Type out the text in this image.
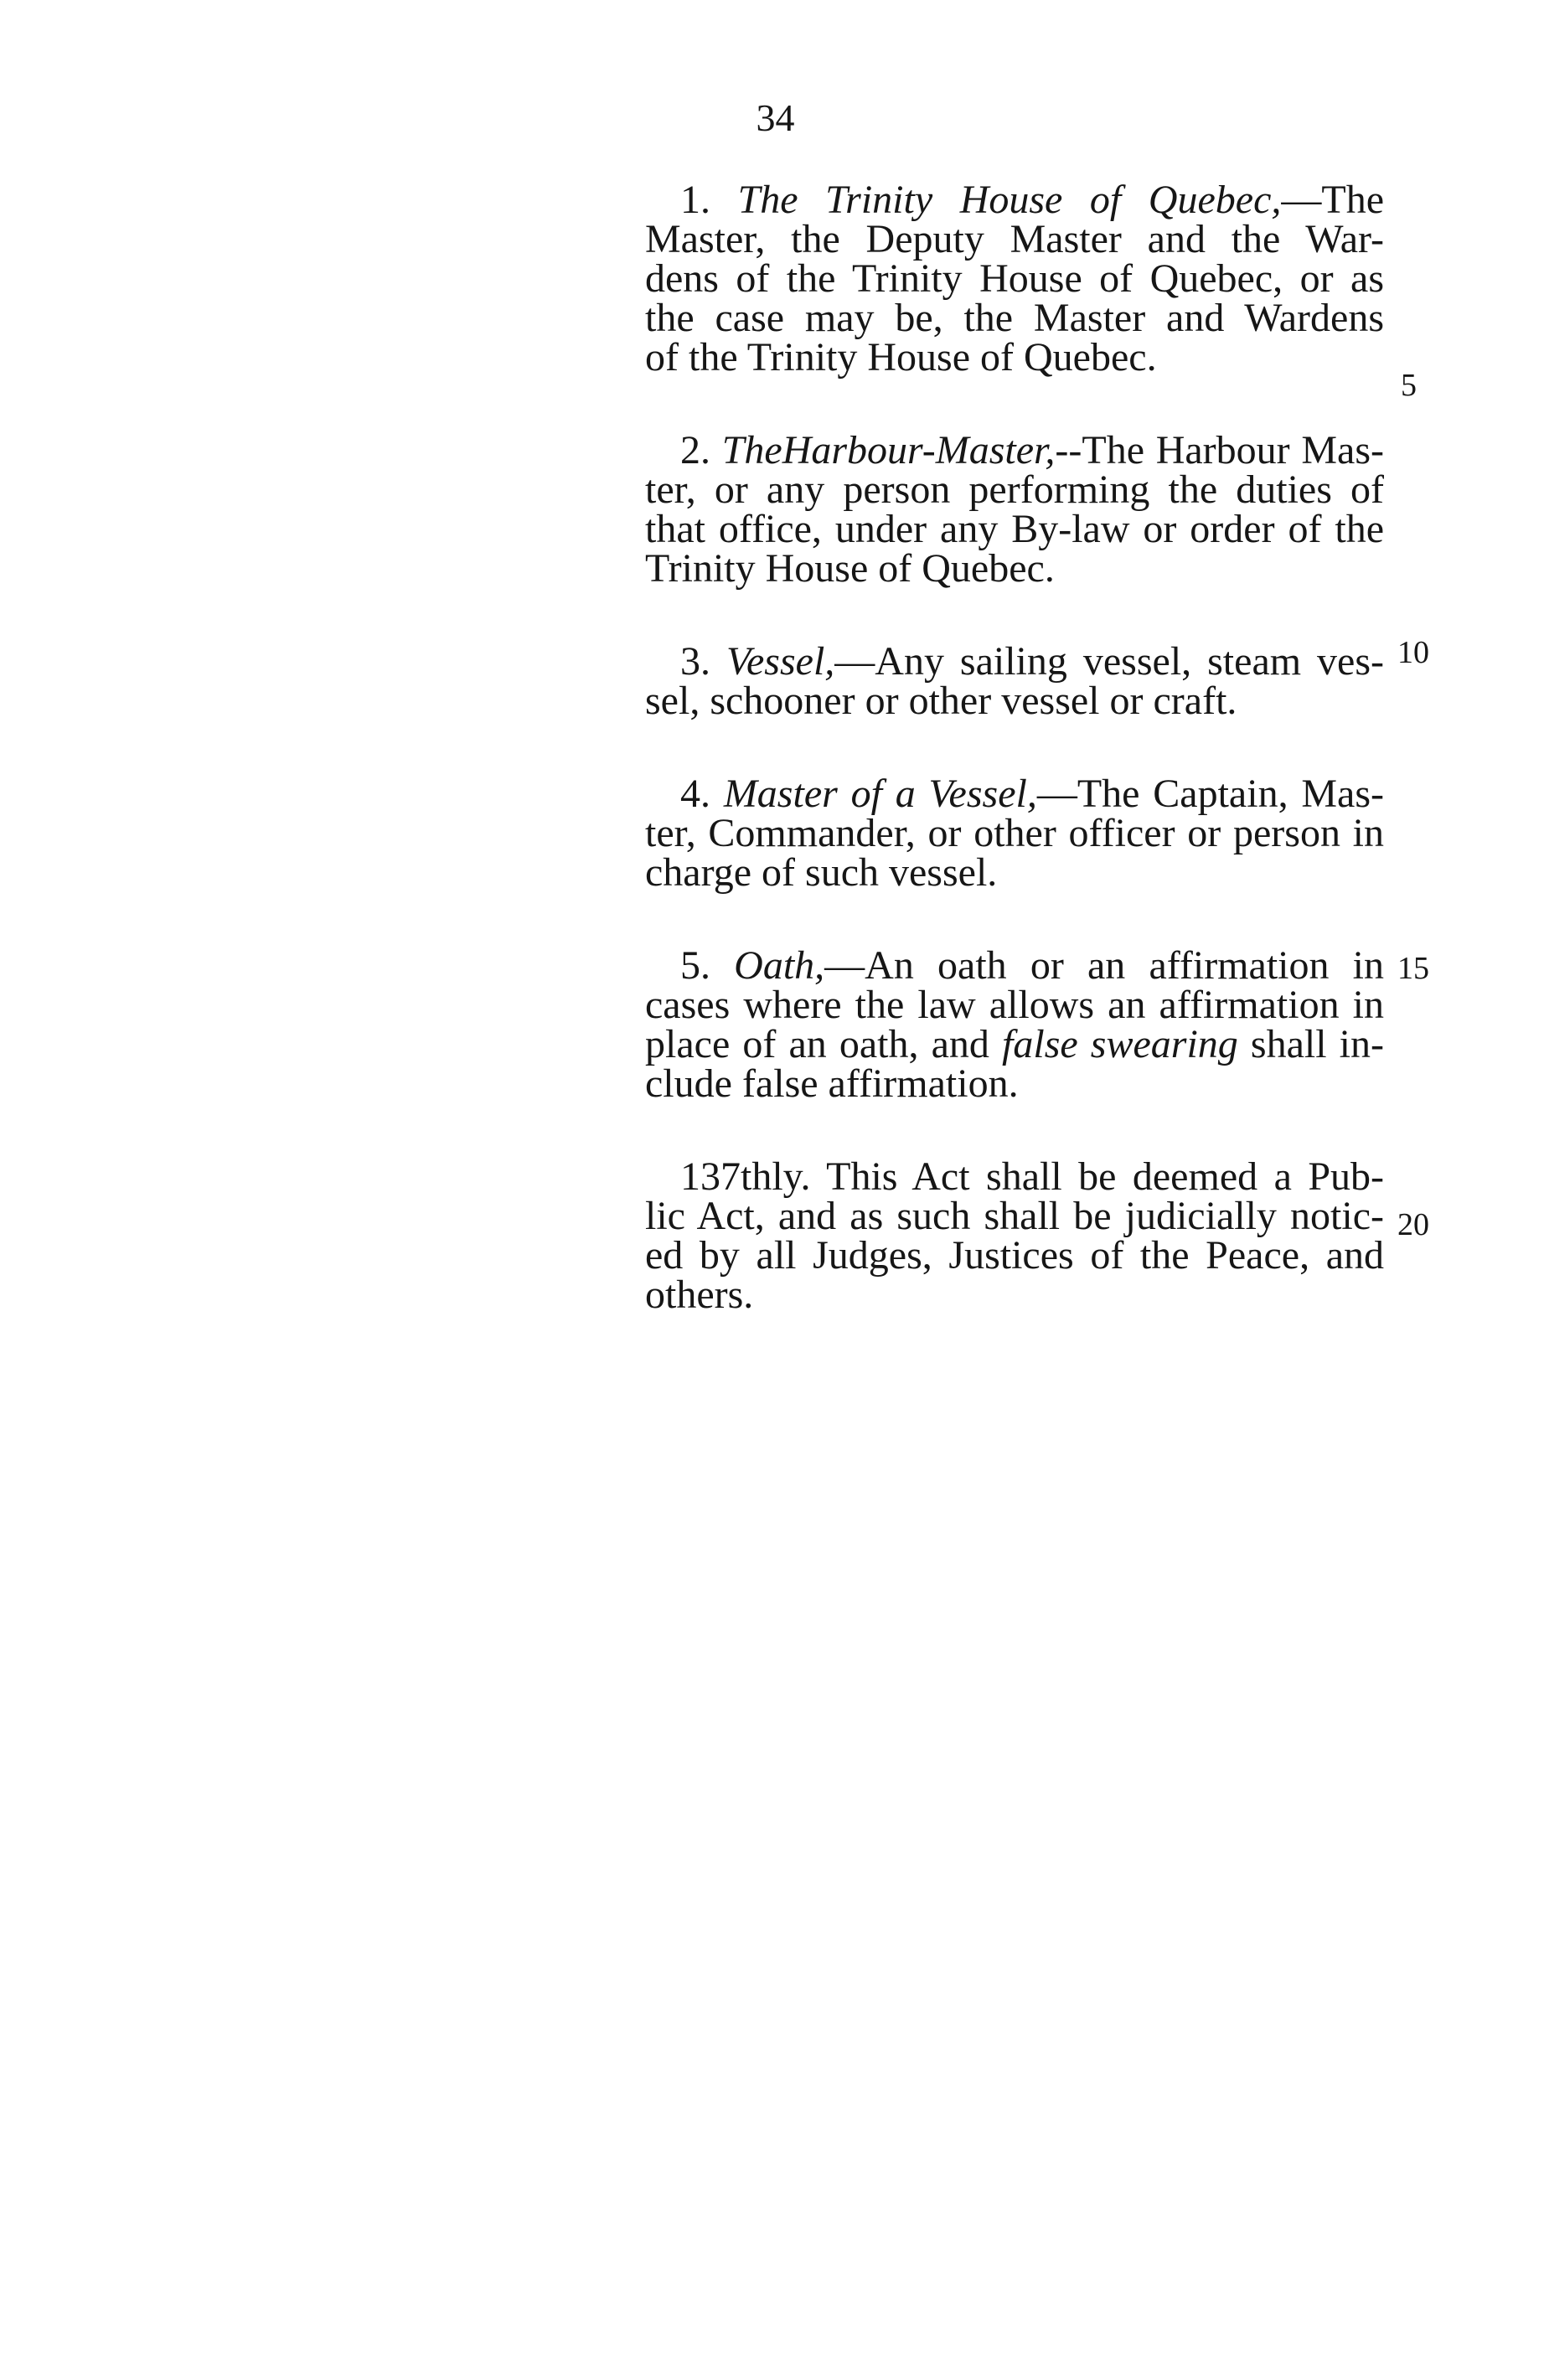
34

1. The Trinity House of Quebec,—The
Master, the Deputy Master and the War-
dens of the Trinity House of Quebec, or as
the case may be, the Master and Wardens
of the Trinity House of Quebec.

2. TheHarbour-Master,--The Harbour Mas-
ter, or any person performing the duties of
that office, under any By-law or order of the
Trinity House of Quebec.

3. Vessel,—Any sailing vessel, steam ves-
sel, schooner or other vessel or craft.

4. Master of a Vessel,—The Captain, Mas-
ter, Commander, or other officer or person in
charge of such vessel.

5. Oath,—An oath or an affirmation in
cases where the law allows an affirmation in
place of an oath, and false swearing shall in-
clude false affirmation.

137thly. This Act shall be deemed a Pub-
lic Act, and as such shall be judicially notic-
ed by all Judges, Justices of the Peace, and
others.

5
10
15
20
